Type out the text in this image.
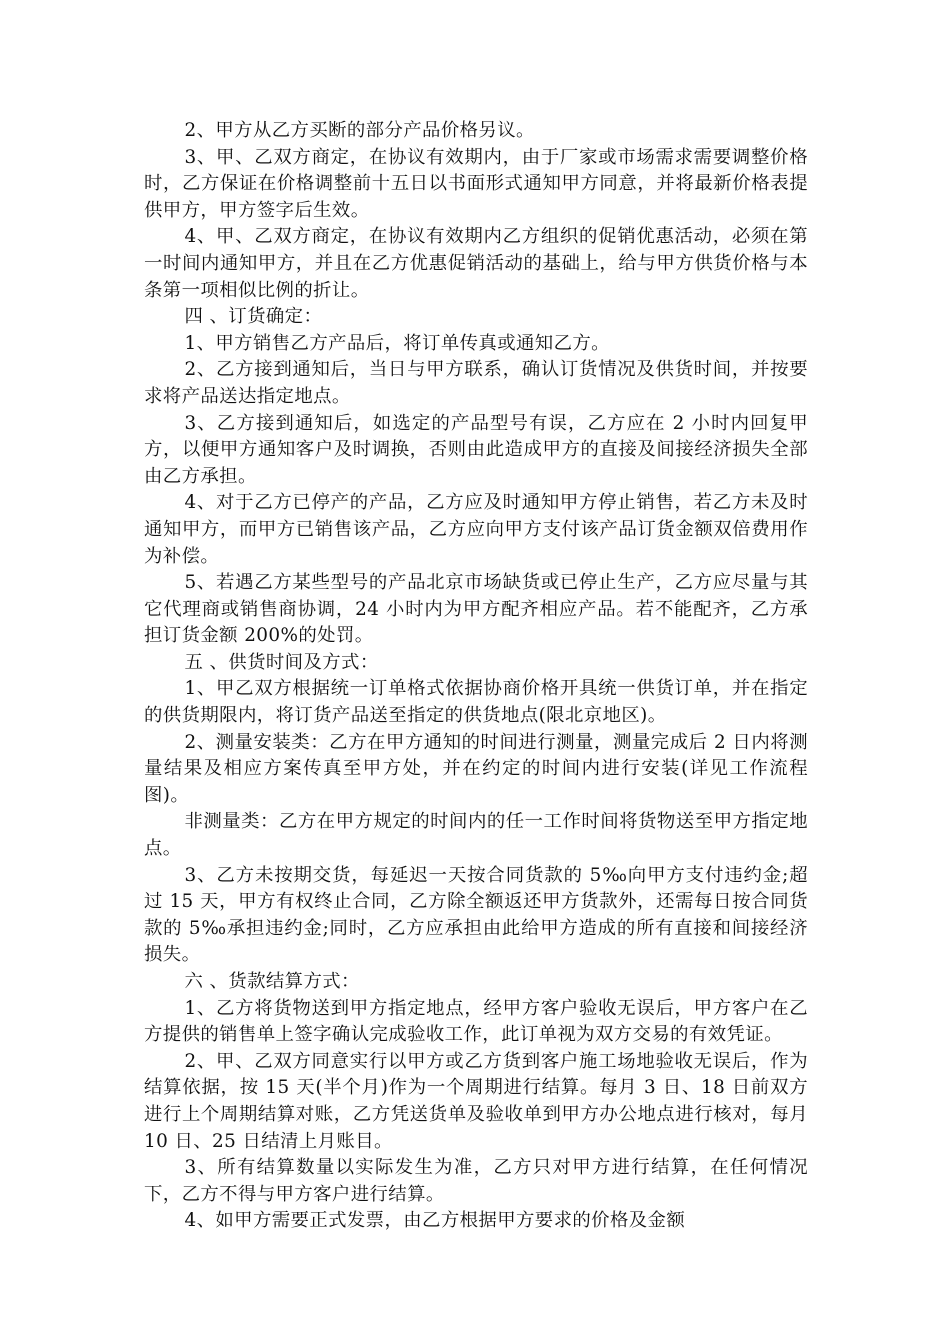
2、甲方从乙方买断的部分产品价格另议。

3、甲、乙双方商定，在协议有效期内，由于厂家或市场需求需要调整价格时，乙方保证在价格调整前十五日以书面形式通知甲方同意，并将最新价格表提供甲方，甲方签字后生效。

4、甲、乙双方商定，在协议有效期内乙方组织的促销优惠活动，必须在第一时间内通知甲方，并且在乙方优惠促销活动的基础上，给与甲方供货价格与本条第一项相似比例的折让。

四 、订货确定：

1、甲方销售乙方产品后，将订单传真或通知乙方。

2、乙方接到通知后，当日与甲方联系，确认订货情况及供货时间，并按要求将产品送达指定地点。

3、乙方接到通知后，如选定的产品型号有误，乙方应在 2 小时内回复甲方，以便甲方通知客户及时调换，否则由此造成甲方的直接及间接经济损失全部由乙方承担。

4、对于乙方已停产的产品，乙方应及时通知甲方停止销售，若乙方未及时通知甲方，而甲方已销售该产品，乙方应向甲方支付该产品订货金额双倍费用作为补偿。

5、若遇乙方某些型号的产品北京市场缺货或已停止生产，乙方应尽量与其它代理商或销售商协调，24 小时内为甲方配齐相应产品。若不能配齐，乙方承担订货金额 200%的处罚。

五 、供货时间及方式：

1、甲乙双方根据统一订单格式依据协商价格开具统一供货订单，并在指定的供货期限内，将订货产品送至指定的供货地点(限北京地区)。

2、测量安装类：乙方在甲方通知的时间进行测量，测量完成后 2 日内将测量结果及相应方案传真至甲方处，并在约定的时间内进行安装(详见工作流程图)。

非测量类：乙方在甲方规定的时间内的任一工作时间将货物送至甲方指定地点。

3、乙方未按期交货，每延迟一天按合同货款的 5‰向甲方支付违约金;超过 15 天，甲方有权终止合同，乙方除全额返还甲方货款外，还需每日按合同货款的 5‰承担违约金;同时，乙方应承担由此给甲方造成的所有直接和间接经济损失。

六 、货款结算方式：

1、乙方将货物送到甲方指定地点，经甲方客户验收无误后，甲方客户在乙方提供的销售单上签字确认完成验收工作，此订单视为双方交易的有效凭证。

2、甲、乙双方同意实行以甲方或乙方货到客户施工场地验收无误后，作为结算依据，按 15 天(半个月)作为一个周期进行结算。每月 3 日、18 日前双方进行上个周期结算对账，乙方凭送货单及验收单到甲方办公地点进行核对，每月 10 日、25 日结清上月账目。

3、所有结算数量以实际发生为准，乙方只对甲方进行结算，在任何情况下，乙方不得与甲方客户进行结算。

4、如甲方需要正式发票，由乙方根据甲方要求的价格及金额
